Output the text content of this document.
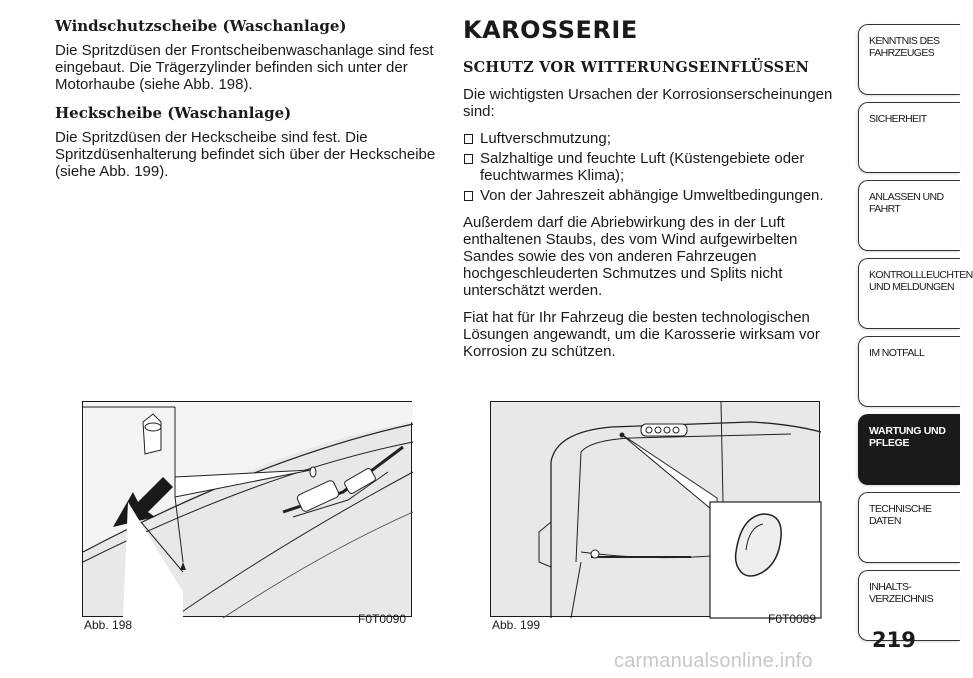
Windschutzscheibe (Waschanlage)

Die Spritzdüsen der Frontscheibenwaschanlage sind fest eingebaut. Die Trägerzylinder befinden sich unter der Motorhaube (siehe Abb. 198).

Heckscheibe (Waschanlage)

Die Spritzdüsen der Heckscheibe sind fest. Die Spritzdüsenhalterung befindet sich über der Heckscheibe (siehe Abb. 199).

KAROSSERIE
SCHUTZ VOR WITTERUNGSEINFLÜSSEN

Die wichtigsten Ursachen der Korrosionserscheinungen sind:

Luftverschmutzung;
Salzhaltige und feuchte Luft (Küstengebiete oder feuchtwarmes Klima);
Von der Jahreszeit abhängige Umweltbedingungen.

Außerdem darf die Abriebwirkung des in der Luft enthaltenen Staubs, des vom Wind aufgewirbelten Sandes sowie des von anderen Fahrzeugen hochgeschleuderten Schmutzes und Splits nicht unterschätzt werden.

Fiat hat für Ihr Fahrzeug die besten technologischen Lösungen angewandt, um die Karosserie wirksam vor Korrosion zu schützen.

Abb. 198	F0T0090	Abb. 199	F0T0089
KENNTNIS DES
FAHRZEUGES
SICHERHEIT
ANLASSEN UND
FAHRT
KONTROLLLEUCHTEN
UND MELDUNGEN
IM NOTFALL
WARTUNG UND
PFLEGE
TECHNISCHE DATEN
INHALTS-
VERZEICHNIS
219
carmanualsonline.info
